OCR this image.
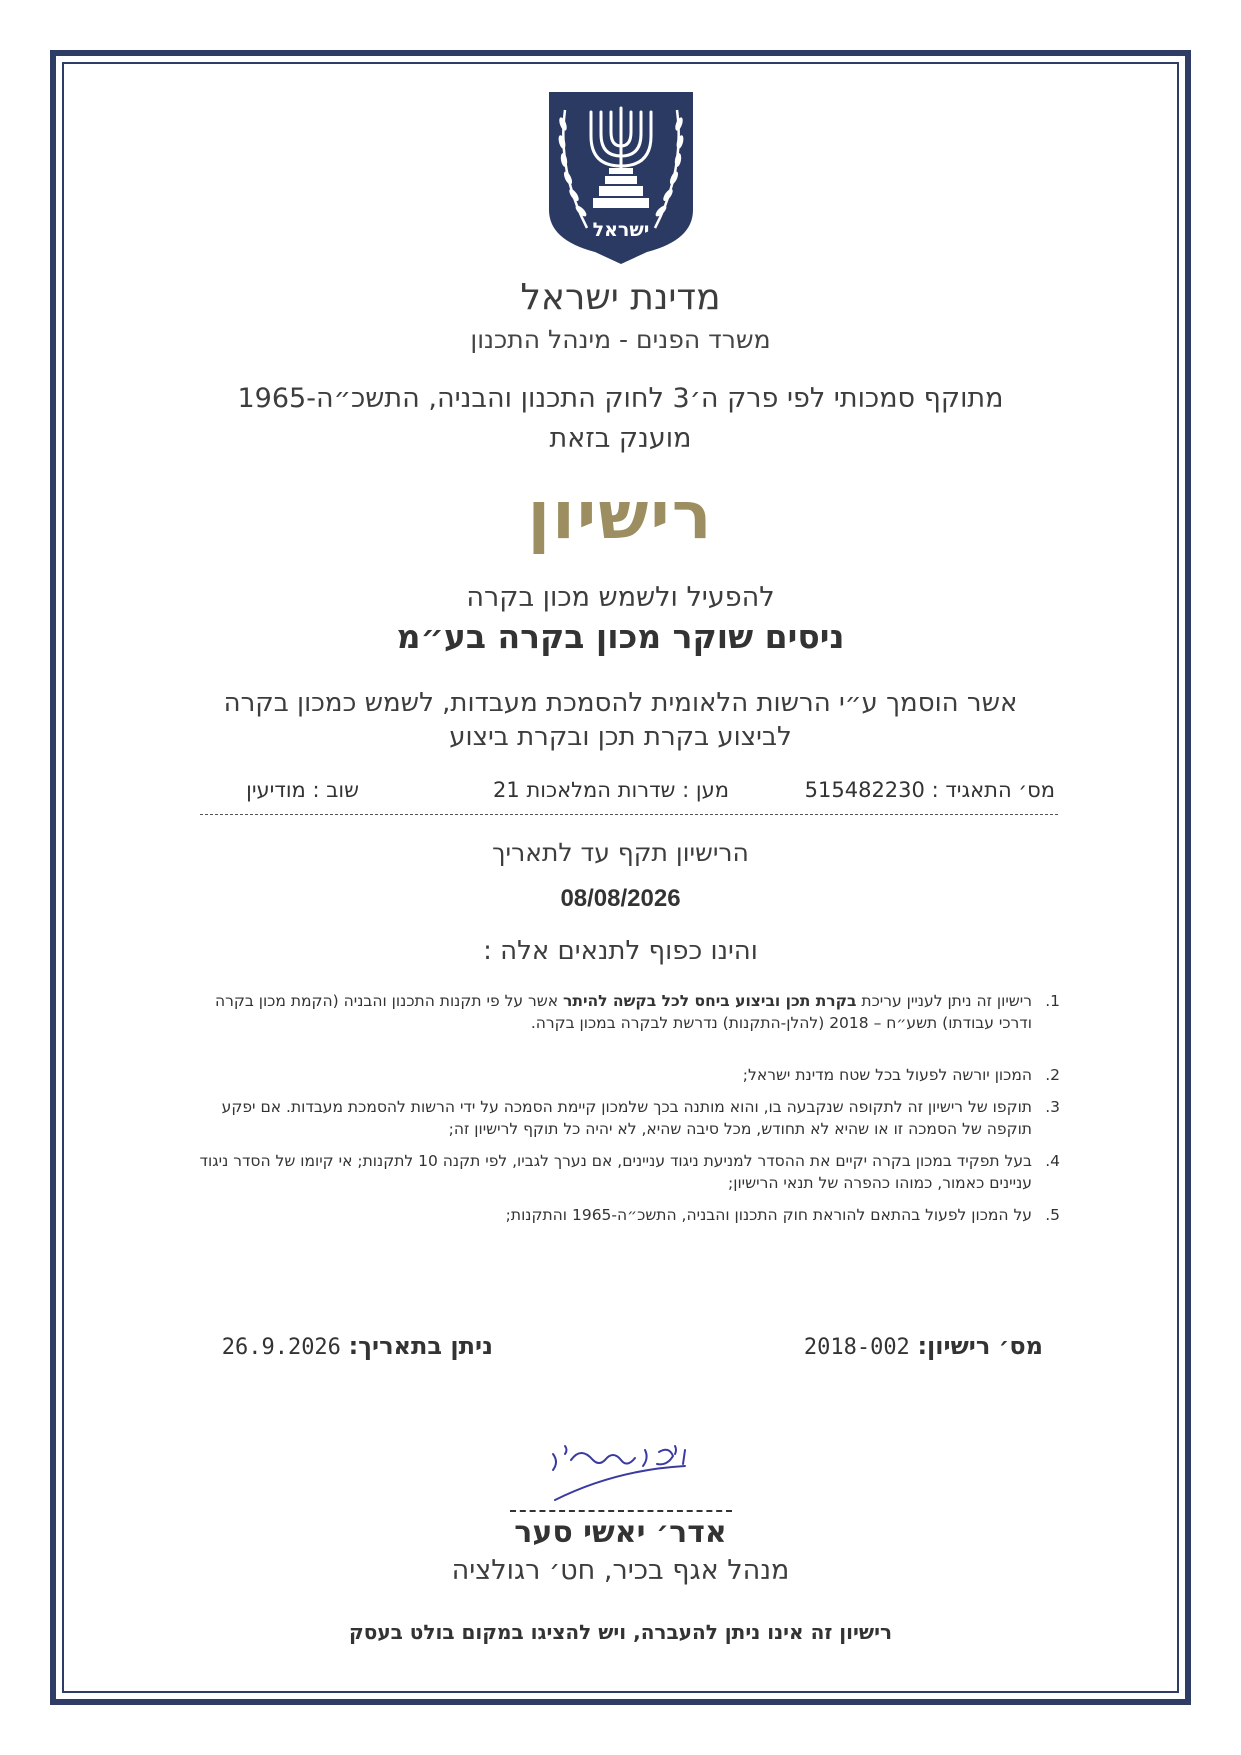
ישראל
מדינת ישראל
משרד הפנים - מינהל התכנון
מתוקף סמכותי לפי פרק ה׳3 לחוק התכנון והבניה, התשכ״ה-1965
מוענק בזאת
רישיון
להפעיל ולשמש מכון בקרה
ניסים שוקר מכון בקרה בע״מ
אשר הוסמך ע״י הרשות הלאומית להסמכת מעבדות, לשמש כמכון בקרה
לביצוע בקרת תכן ובקרת ביצוע
מס׳ התאגיד : 515482230
מען : שדרות המלאכות 21
שוב : מודיעין
הרישיון תקף עד לתאריך
08/08/2026
והינו כפוף לתנאים אלה :
1.
רישיון זה ניתן לעניין עריכת בקרת תכן וביצוע ביחס לכל בקשה להיתר אשר על פי תקנות התכנון והבניה (הקמת מכון בקרה ודרכי עבודתו) תשע״ח – 2018 (להלן-התקנות) נדרשת לבקרה במכון בקרה.
2.
המכון יורשה לפעול בכל שטח מדינת ישראל;
3.
תוקפו של רישיון זה לתקופה שנקבעה בו, והוא מותנה בכך שלמכון קיימת הסמכה על ידי הרשות להסמכת מעבדות. אם יפקע תוקפה של הסמכה זו או שהיא לא תחודש, מכל סיבה שהיא, לא יהיה כל תוקף לרישיון זה;
4.
בעל תפקיד במכון בקרה יקיים את ההסדר למניעת ניגוד עניינים, אם נערך לגביו, לפי תקנה 10 לתקנות; אי קיומו של הסדר ניגוד עניינים כאמור, כמוהו כהפרה של תנאי הרישיון;
5.
על המכון לפעול בהתאם להוראת חוק התכנון והבניה, התשכ״ה-1965 והתקנות;
מס׳ רישיון: 2018-002
ניתן בתאריך: 26.9.2026
אדר׳ יאשי סער
מנהל אגף בכיר, חט׳ רגולציה
רישיון זה אינו ניתן להעברה, ויש להציגו במקום בולט בעסק
